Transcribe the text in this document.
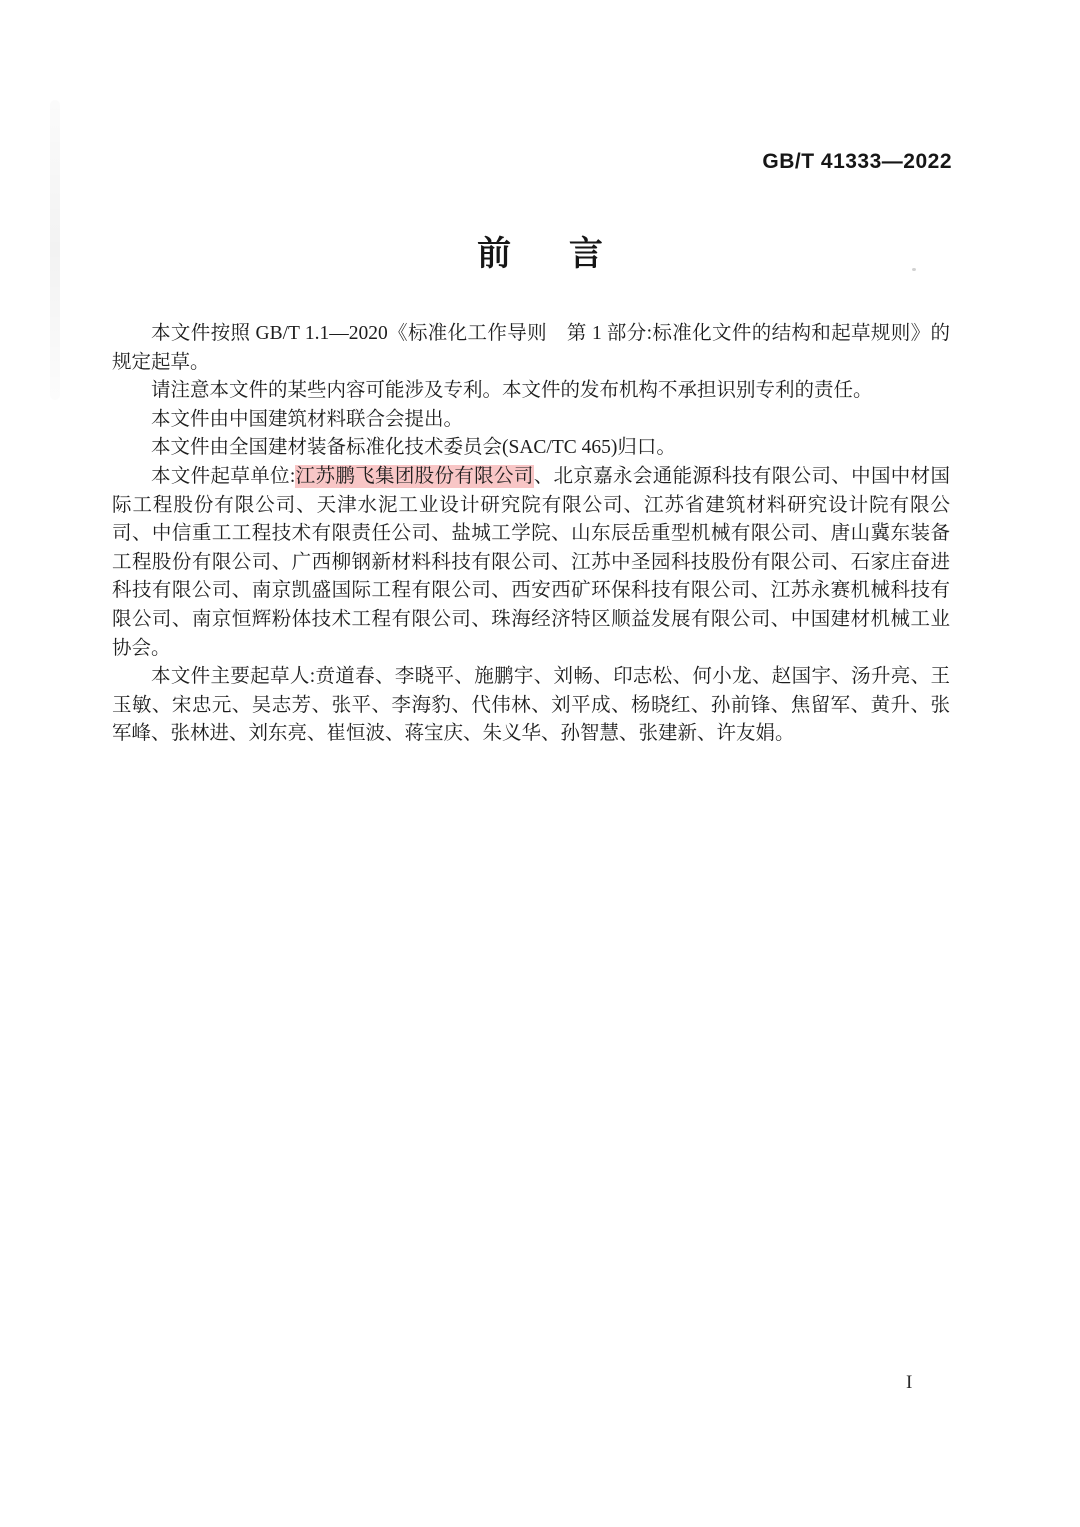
GB/T 41333—2022
前言

本文件按照 GB/T 1.1—2020《标准化工作导则　第 1 部分:标准化文件的结构和起草规则》的规定起草。

请注意本文件的某些内容可能涉及专利。本文件的发布机构不承担识别专利的责任。

本文件由中国建筑材料联合会提出。

本文件由全国建材装备标准化技术委员会(SAC/TC 465)归口。

本文件起草单位:江苏鹏飞集团股份有限公司、北京嘉永会通能源科技有限公司、中国中材国际工程股份有限公司、天津水泥工业设计研究院有限公司、江苏省建筑材料研究设计院有限公司、中信重工工程技术有限责任公司、盐城工学院、山东辰岳重型机械有限公司、唐山冀东装备工程股份有限公司、广西柳钢新材料科技有限公司、江苏中圣园科技股份有限公司、石家庄奋进科技有限公司、南京凯盛国际工程有限公司、西安西矿环保科技有限公司、江苏永赛机械科技有限公司、南京恒辉粉体技术工程有限公司、珠海经济特区顺益发展有限公司、中国建材机械工业协会。

本文件主要起草人:贲道春、李晓平、施鹏宇、刘畅、印志松、何小龙、赵国宇、汤升亮、王玉敏、宋忠元、吴志芳、张平、李海豹、代伟林、刘平成、杨晓红、孙前锋、焦留军、黄升、张军峰、张林进、刘东亮、崔恒波、蒋宝庆、朱义华、孙智慧、张建新、许友娟。

I
